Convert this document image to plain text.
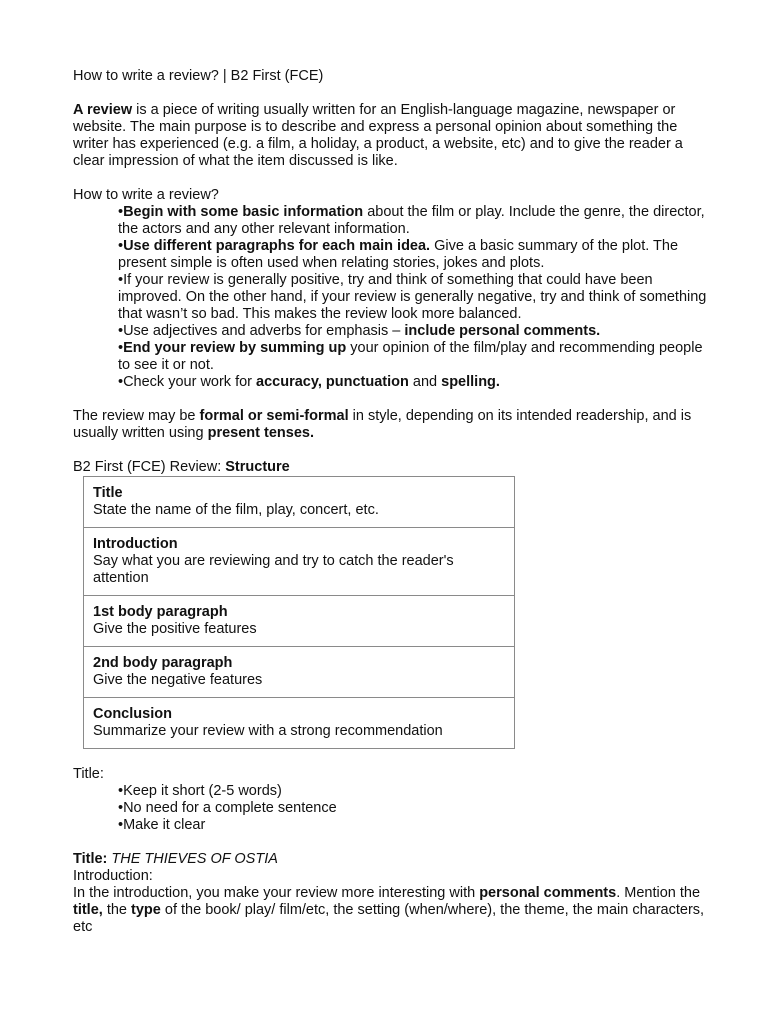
How to write a review? | B2 First (FCE)

A review is a piece of writing usually written for an English-language magazine, newspaper or website. The main purpose is to describe and express a personal opinion about something the writer has experienced (e.g. a film, a holiday, a product, a website, etc) and to give the reader a clear impression of what the item discussed is like.

How to write a review?

•Begin with some basic information about the film or play. Include the genre, the director, the actors and any other relevant information.
•Use different paragraphs for each main idea. Give a basic summary of the plot. The present simple is often used when relating stories, jokes and plots.
•If your review is generally positive, try and think of something that could have been improved. On the other hand, if your review is generally negative, try and think of something that wasn’t so bad. This makes the review look more balanced.
•Use adjectives and adverbs for emphasis – include personal comments.
•End your review by summing up your opinion of the film/play and recommending people to see it or not.
•Check your work for accuracy, punctuation and spelling.

The review may be formal or semi-formal in style, depending on its intended readership, and is usually written using present tenses.

B2 First (FCE) Review: Structure

Title
State the name of the film, play, concert, etc.
Introduction
Say what you are reviewing and try to catch the reader's attention
1st body paragraph
Give the positive features
2nd body paragraph
Give the negative features
Conclusion
Summarize your review with a strong recommendation

Title:

•Keep it short (2-5 words)
•No need for a complete sentence
•Make it clear

Title: THE THIEVES OF OSTIA

Introduction:

In the introduction, you make your review more interesting with personal comments. Mention the title, the type of the book/ play/ film/etc, the setting (when/where), the theme, the main characters, etc
